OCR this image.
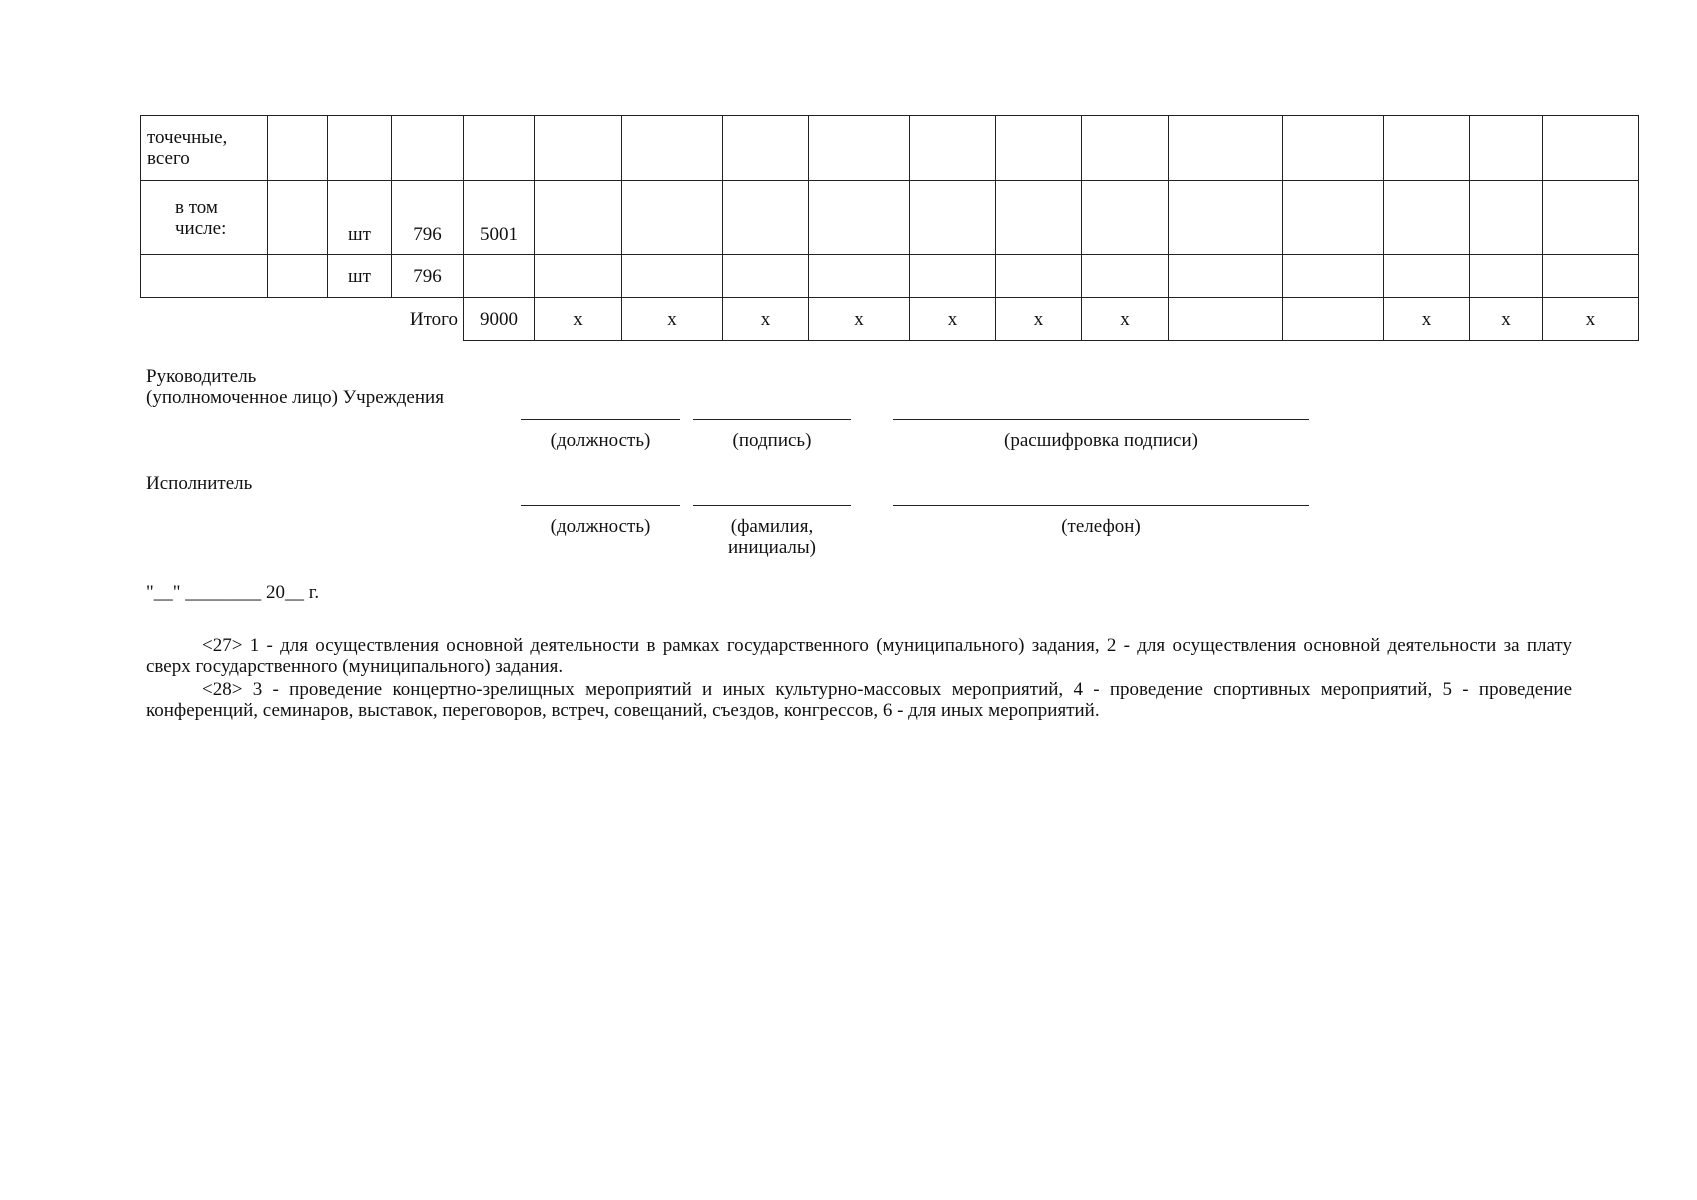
точечные, всего																
в том числе:		шт	796	5001												
		шт	796													
Итого				9000	х	х	х	х	х	х	х			х	х	х
Руководитель
(уполномоченное лицо) Учреждения
(должность)	(подпись)	(расшифровка подписи)
Исполнитель
(должность)	(фамилия,
инициалы)
(телефон)
"__" ________ 20__ г.
<27> 1 - для осуществления основной деятельности в рамках государственного (муниципального) задания, 2 - для осуществления основной деятельности за плату сверх государственного (муниципального) задания.
<28> 3 - проведение концертно-зрелищных мероприятий и иных культурно-массовых мероприятий, 4 - проведение спортивных мероприятий, 5 - проведение конференций, семинаров, выставок, переговоров, встреч, совещаний, съездов, конгрессов, 6 - для иных мероприятий.
